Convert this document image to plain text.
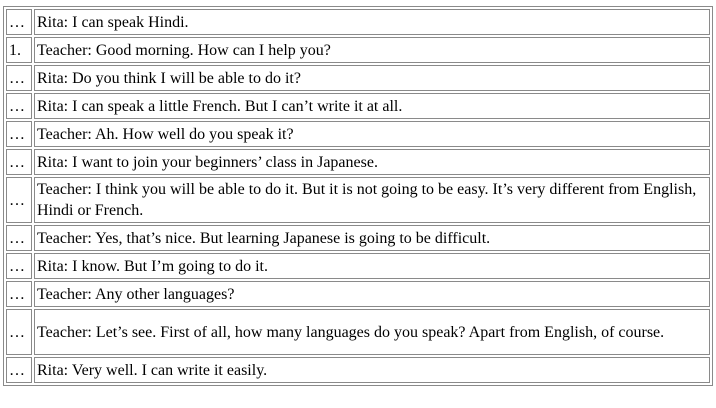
…	Rita: I can speak Hindi.
1.	Teacher: Good morning. How can I help you?
…	Rita: Do you think I will be able to do it?
…	Rita: I can speak a little French. But I can’t write it at all.
…	Teacher: Ah. How well do you speak it?
…	Rita: I want to join your beginners’ class in Japanese.
…	Teacher: I think you will be able to do it. But it is not going to be easy. It’s very different from English, Hindi or French.
…	Teacher: Yes, that’s nice. But learning Japanese is going to be difficult.
…	Rita: I know. But I’m going to do it.
…	Teacher: Any other languages?
…	Teacher: Let’s see. First of all, how many languages do you speak? Apart from English, of course.
…	Rita: Very well. I can write it easily.
